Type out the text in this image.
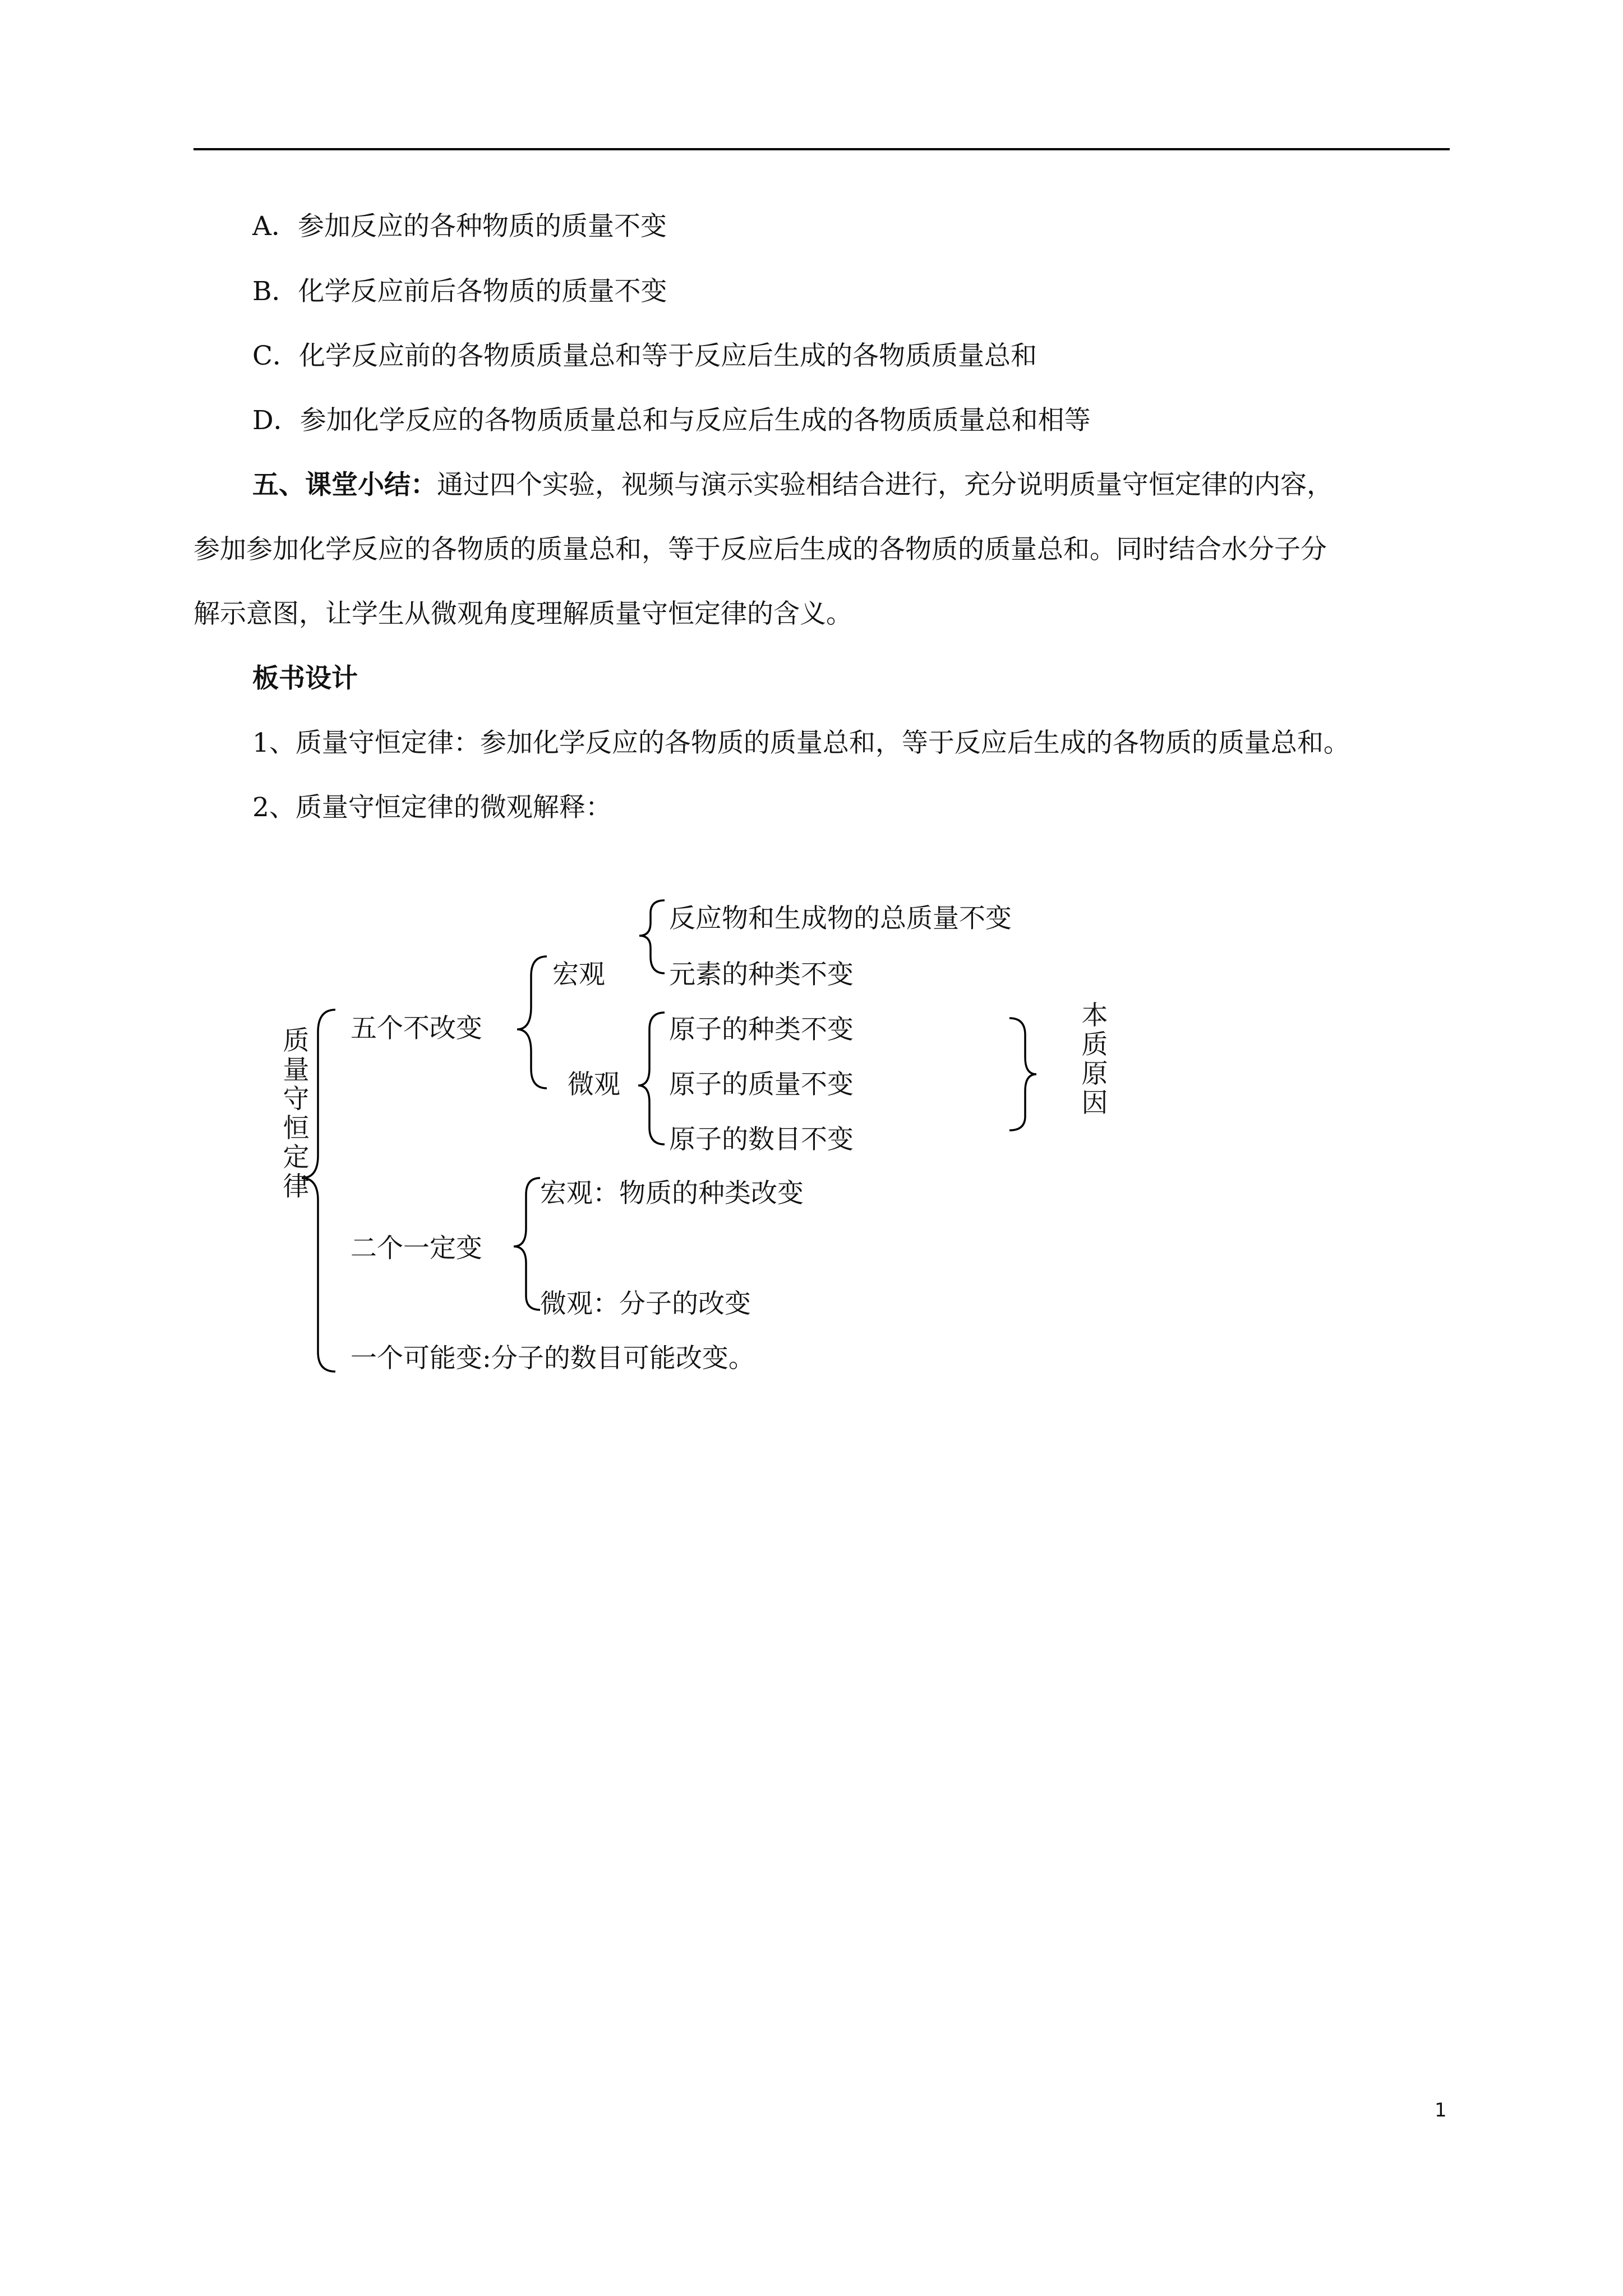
A．参加反应的各种物质的质量不变
B．化学反应前后各物质的质量不变
C．化学反应前的各物质质量总和等于反应后生成的各物质质量总和
D．参加化学反应的各物质质量总和与反应后生成的各物质质量总和相等
五、课堂小结：通过四个实验，视频与演示实验相结合进行，充分说明质量守恒定律的内容，
参加参加化学反应的各物质的质量总和，等于反应后生成的各物质的质量总和。同时结合水分子分
解示意图，让学生从微观角度理解质量守恒定律的含义。
板书设计
1、质量守恒定律：参加化学反应的各物质的质量总和，等于反应后生成的各物质的质量总和。
2、质量守恒定律的微观解释：
质量守恒定律
五个不改变
宏观
反应物和生成物的总质量不变
元素的种类不变
微观
原子的种类不变
原子的质量不变
原子的数目不变
本质原因
二个一定变
宏观：物质的种类改变
微观：分子的改变
一个可能变:分子的数目可能改变。
1
